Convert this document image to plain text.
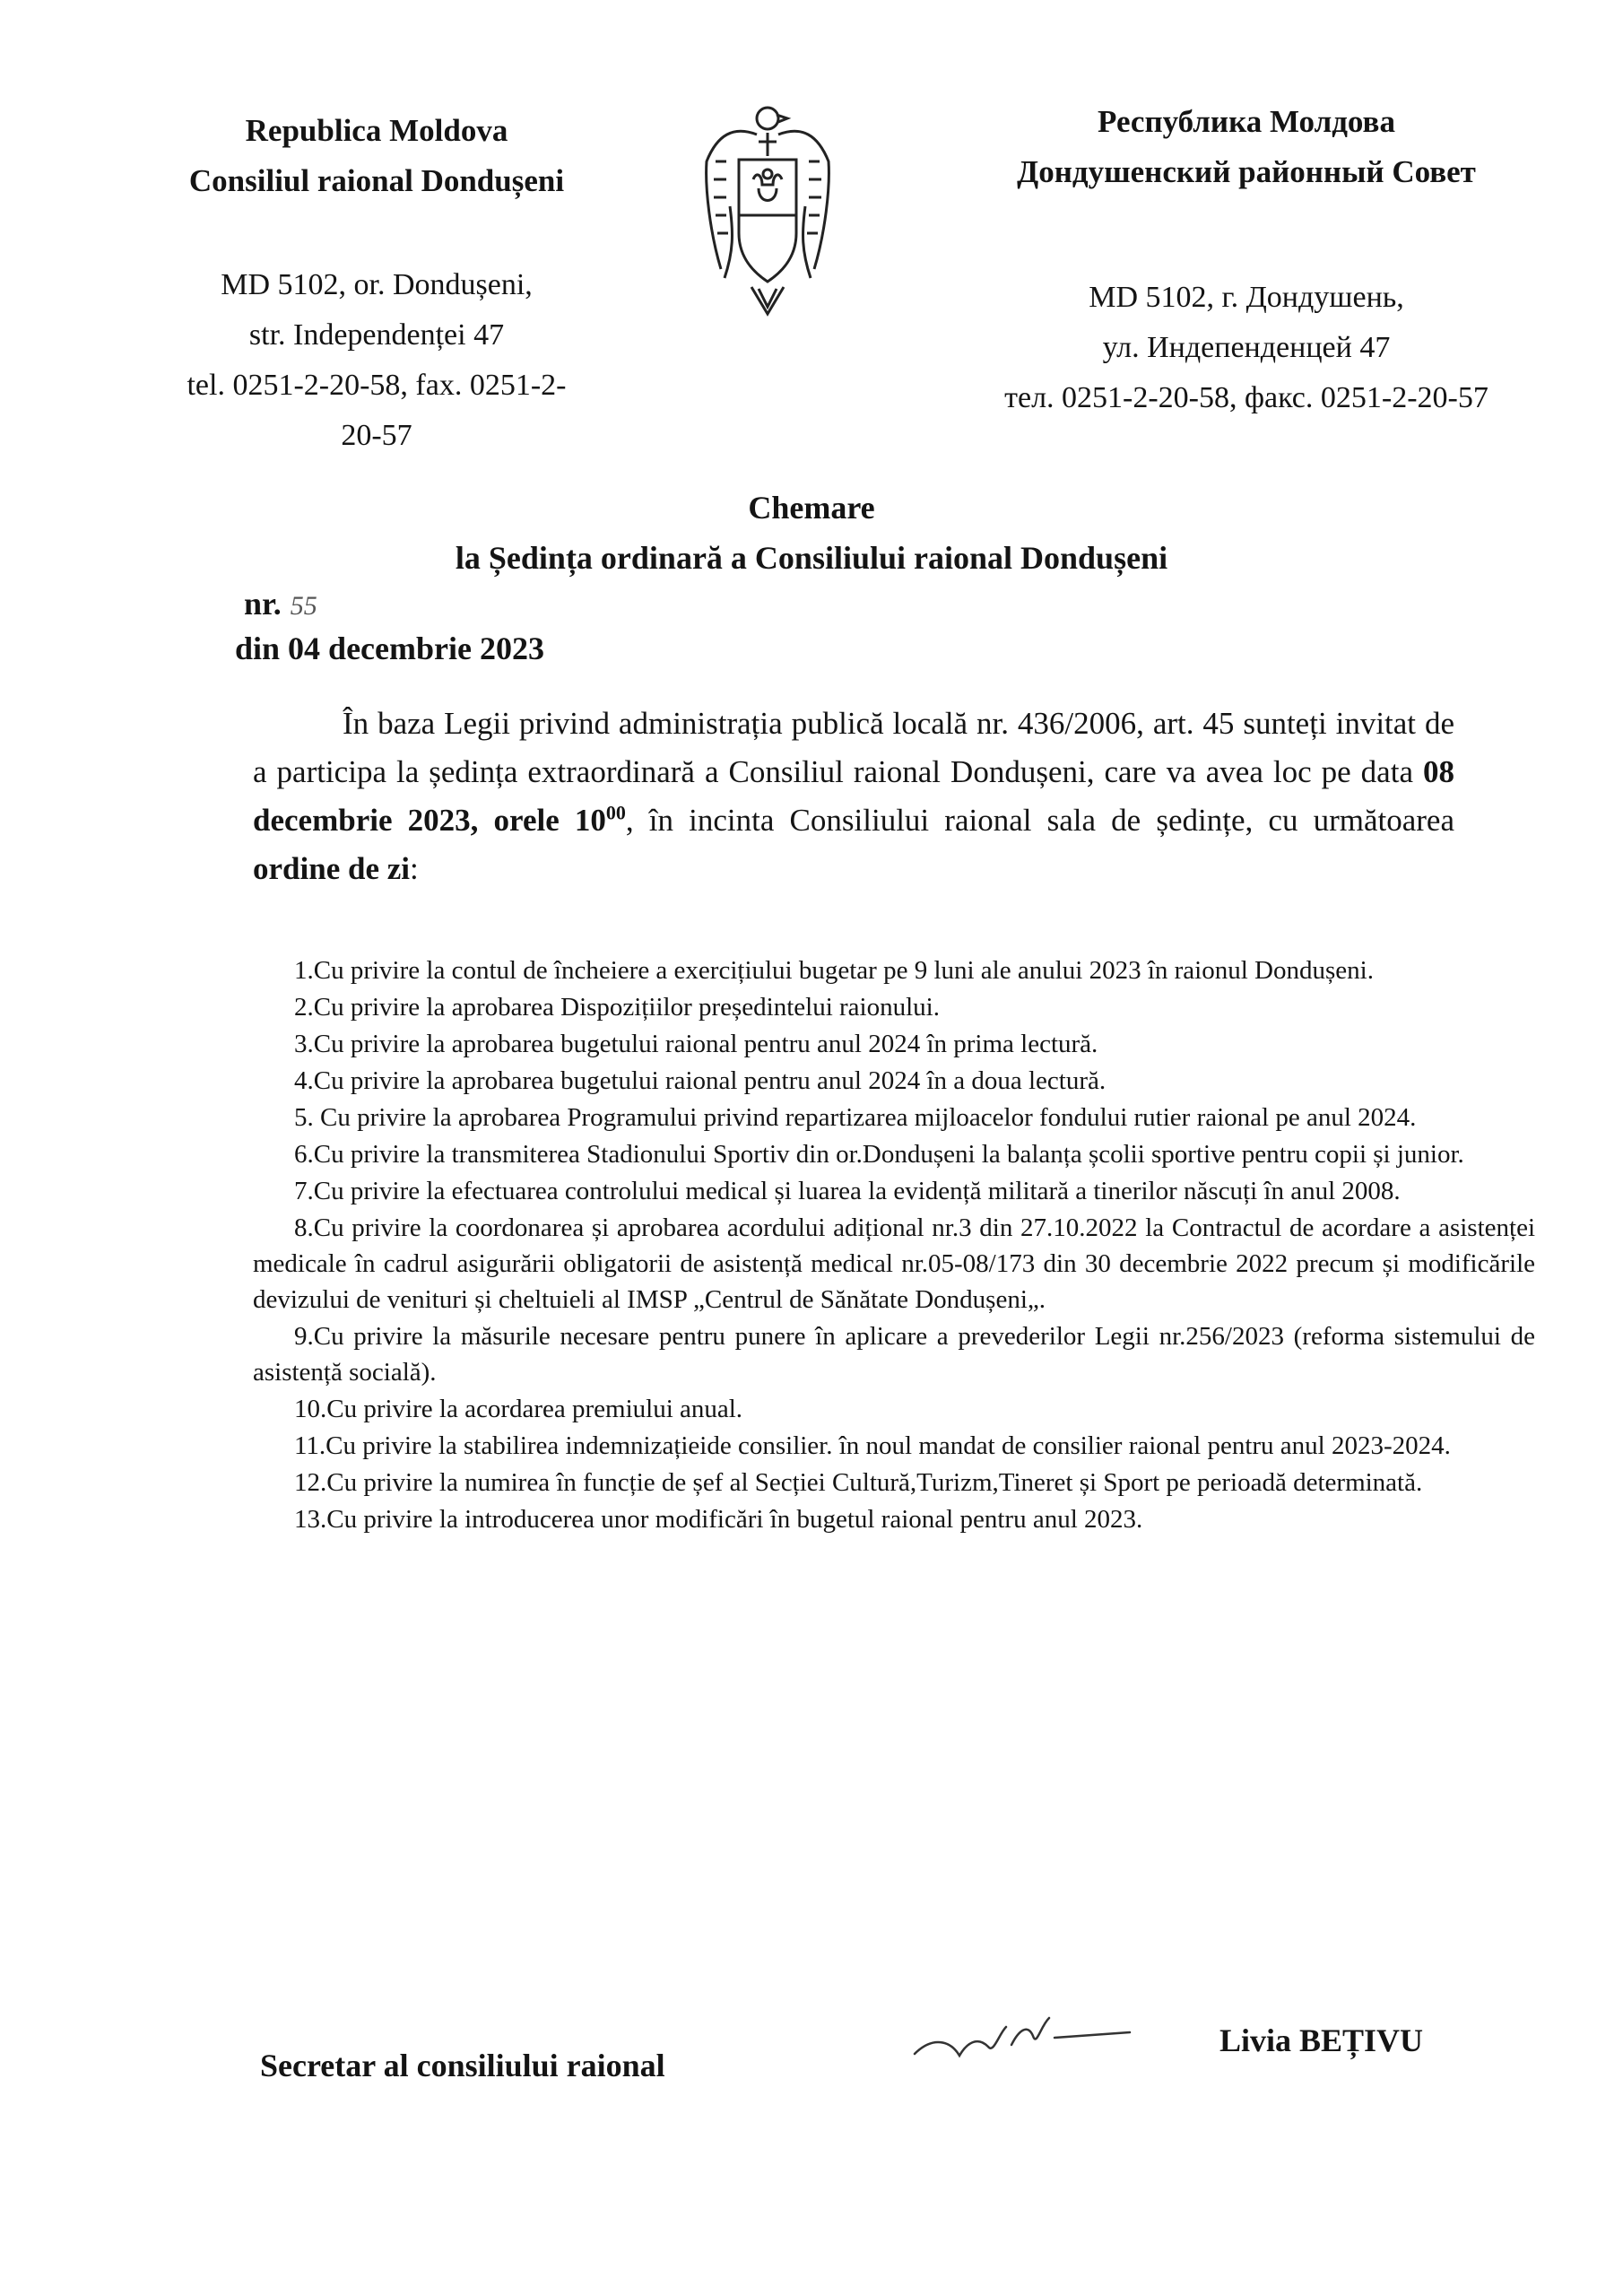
Republica Moldova
Consiliul raional Dondușeni
MD 5102, or. Dondușeni,
str. Independenței 47
tel. 0251-2-20-58, fax. 0251-2-
20-57
Республика Молдова
Дондушенский районный Совет
MD 5102, г. Дондушень,
ул. Индепенденцей 47
тел. 0251-2-20-58, факс. 0251-2-20-57
Chemare
la Ședința ordinară a Consiliului raional Dondușeni
nr. 55
din 04 decembrie 2023
În baza Legii privind administrația publică locală nr. 436/2006, art. 45 sunteți invitat de a participa la ședința extraordinară a Consiliul raional Dondușeni, care va avea loc pe data 08 decembrie 2023, orele $10^{00}$, în incinta Consiliului raional sala de ședințe, cu următoarea ordine de zi:
1.Cu privire la contul de încheiere a exercițiului bugetar pe 9 luni ale anului 2023 în raionul Dondușeni.
2.Cu privire la aprobarea Dispozițiilor președintelui raionului.
3.Cu privire la aprobarea bugetului raional pentru anul 2024 în prima lectură.
4.Cu privire la aprobarea bugetului raional pentru anul 2024 în a doua lectură.
5. Cu privire la aprobarea Programului privind repartizarea mijloacelor fondului rutier raional pe anul 2024.
6.Cu privire la transmiterea Stadionului Sportiv din or.Dondușeni la balanța școlii sportive pentru copii și junior.
7.Cu privire la efectuarea controlului medical și luarea la evidență militară a tinerilor născuți în anul 2008.
8.Cu privire la coordonarea și aprobarea acordului adițional nr.3 din 27.10.2022 la Contractul de acordare a asistenței medicale în cadrul asigurării obligatorii de asistență medical nr.05-08/173 din 30 decembrie 2022 precum și modificările devizului de venituri și cheltuieli al IMSP „Centrul de Sănătate Dondușeni„.
9.Cu privire la măsurile necesare pentru punere în aplicare a prevederilor Legii nr.256/2023 (reforma sistemului de asistență socială).
10.Cu privire la acordarea premiului anual.
11.Cu privire la stabilirea indemnizațieide consilier. în noul mandat de consilier raional pentru anul 2023-2024.
12.Cu privire la numirea în funcție de șef al Secției Cultură,Turizm,Tineret și Sport pe perioadă determinată.
13.Cu privire la introducerea unor modificări în bugetul raional pentru anul 2023.
Secretar al consiliului raional
Livia BEȚIVU
